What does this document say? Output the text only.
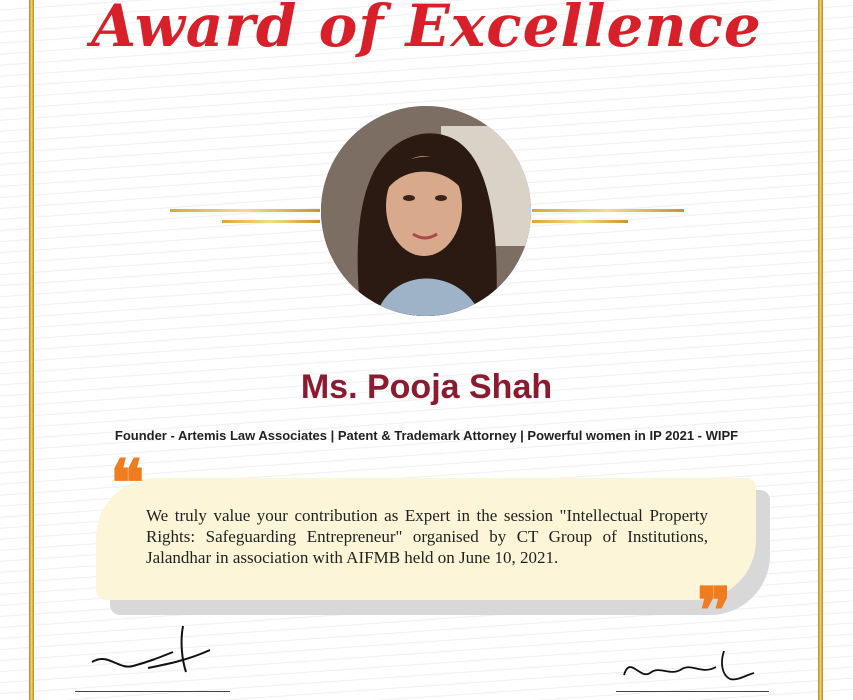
Award of Excellence
Ms. Pooja Shah
Founder - Artemis Law Associates | Patent & Trademark Attorney | Powerful women in IP 2021 - WIPF
❝
❞
We truly value your contribution as Expert in the session "Intellectual Property Rights: Safeguarding Entrepreneur" organised by CT Group of Institutions, Jalandhar in association with AIFMB held on June 10, 2021.
